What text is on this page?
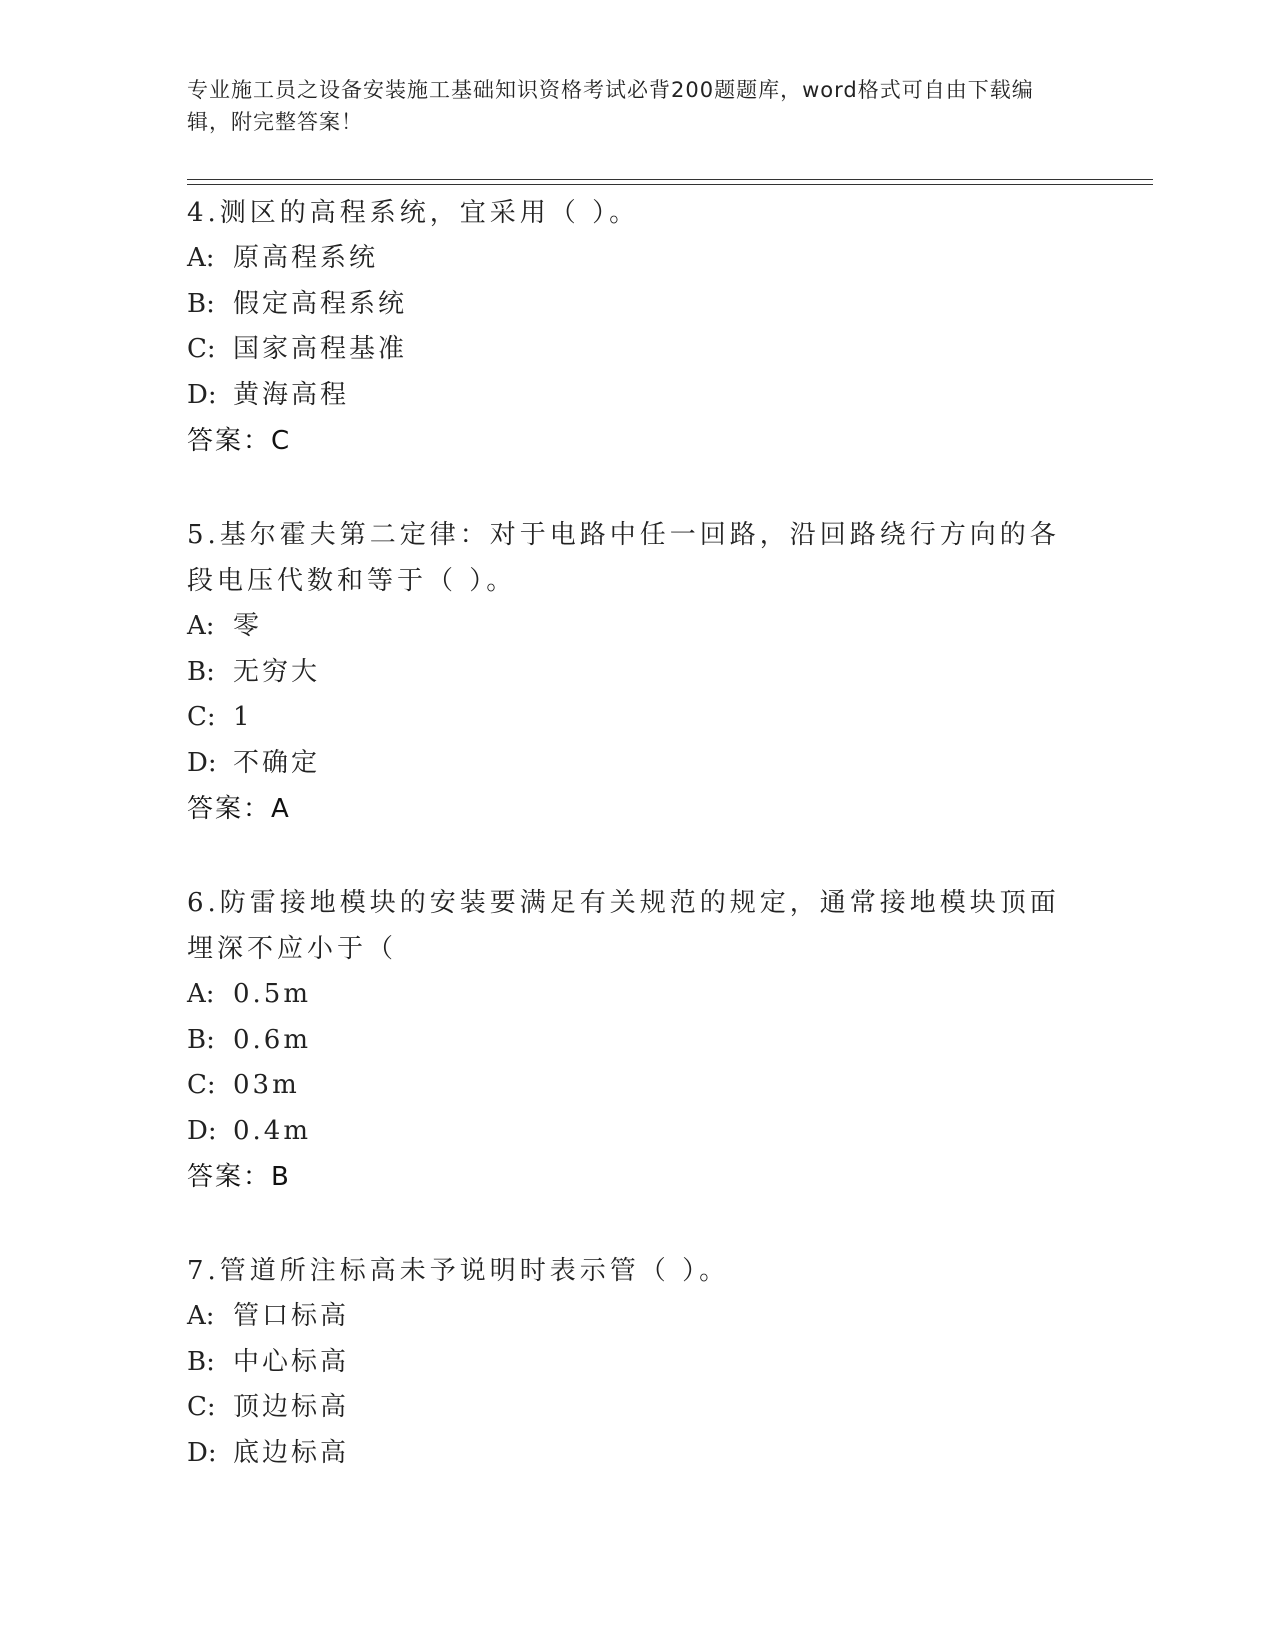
专业施工员之设备安装施工基础知识资格考试必背200题题库，word格式可自由下载编辑，附完整答案！
4.测区的高程系统，宜采用（ ）。
A: 原高程系统
B: 假定高程系统
C: 国家高程基准
D: 黄海高程
答案：C
5.基尔霍夫第二定律：对于电路中任一回路，沿回路绕行方向的各段电压代数和等于（ ）。
A: 零
B: 无穷大
C: 1
D: 不确定
答案：A
6.防雷接地模块的安装要满足有关规范的规定，通常接地模块顶面埋深不应小于（
A: 0.5m
B: 0.6m
C: 03m
D: 0.4m
答案：B
7.管道所注标高未予说明时表示管（ ）。
A: 管口标高
B: 中心标高
C: 顶边标高
D: 底边标高
